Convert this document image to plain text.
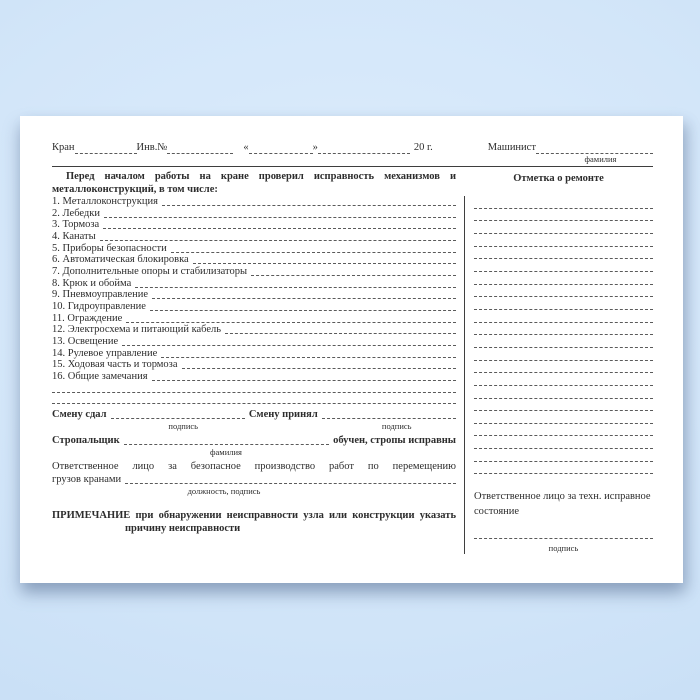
Кран	Инв.№	«	»	20 г.	Машинист
фамилия

Перед началом работы на кране проверил исправность механизмов и металлоконструкций, в том числе:

1. Металлоконструкция
2. Лебедки
3. Тормоза
4. Канаты
5. Приборы безопасности
6. Автоматическая блокировка
7. Дополнительные опоры и стабилизаторы
8. Крюк и обойма
9. Пневмоуправление
10. Гидроуправление
11. Ограждение
12. Электросхема и питающий кабель
13. Освещение
14. Рулевое управление
15. Ходовая часть и тормоза
16. Общие замечания
Смену сдал	Смену принял
подпись	подпись
Стропальщик	обучен, стропы исправны
фамилия
Ответственное лицо за безопасное производство работ по перемещению
грузов кранами
должность, подпись

ПРИМЕЧАНИЕ при обнаружении неисправности узла или конструкции указать причину неисправности

Отметка о ремонте
Ответственное лицо за техн. исправное состояние
подпись
